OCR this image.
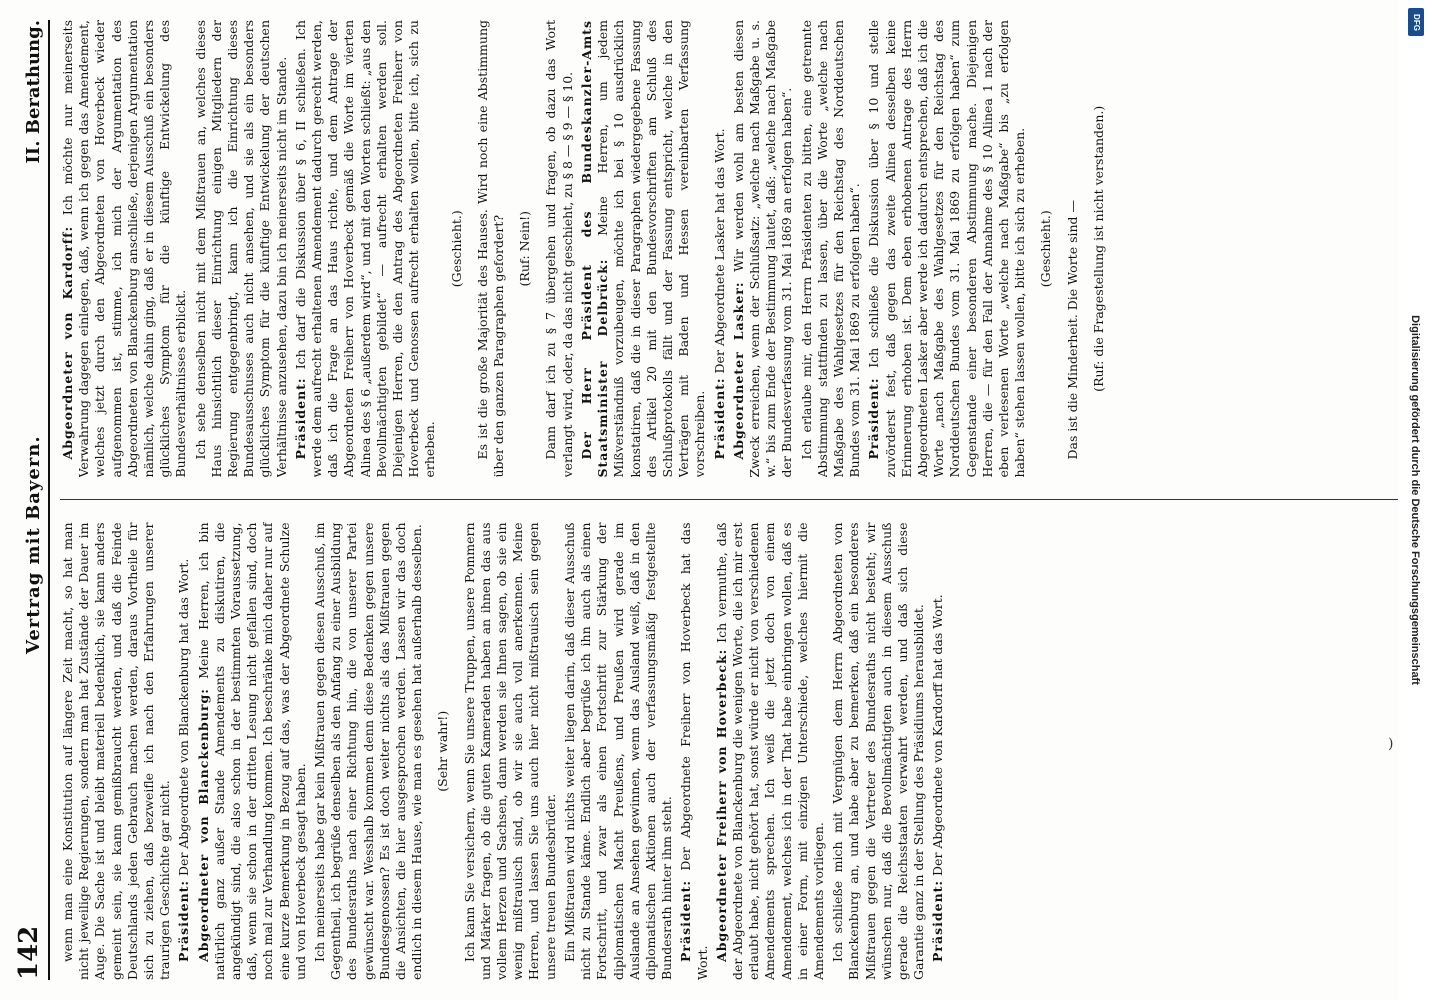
142
Vertrag mit Bayern.
II. Berathung.

wenn man eine Konstitution auf längere Zeit macht, so hat man nicht jeweilige Regierungen, sondern man hat Zustände der Dauer im Auge. Die Sache ist und bleibt materiell bedenklich, sie kann anders gemeint sein, sie kann gemißbraucht werden, und daß die Feinde Deutschlands jeden Gebrauch machen werden, daraus Vortheile für sich zu ziehen, daß bezweifle ich nach den Erfahrungen unserer traurigen Geschichte gar nicht. Präsident: Der Abgeordnete von Blanckenburg hat das Wort. Abgeordneter von Blanckenburg: Meine Herren, ich bin natürlich ganz außer Stande Amendements zu diskutiren, die angekündigt sind, die also schon in der bestimmten Voraussetzung, daß, wenn sie schon in der dritten Lesung nicht gefallen sind, doch noch mal zur Verhandlung kommen. Ich beschränke mich daher nur auf eine kurze Bemerkung in Bezug auf das, was der Abgeordnete Schulze und von Hoverbeck gesagt haben. Ich meinerseits habe gar kein Mißtrauen gegen diesen Ausschuß, im Gegentheil, ich begrüße denselben als den Anfang zu einer Ausbildung des Bundesraths nach einer Richtung hin, die von unserer Partei gewünscht war. Wesshalb kommen denn diese Bedenken gegen unsere Bundesgenossen? Es ist doch weiter nichts als das Mißtrauen gegen die Ansichten, die hier ausgesprochen werden. Lassen wir das doch endlich in diesem Hause, wie man es gesehen hat außerhalb desselben. (Sehr wahr!) Ich kann Sie versichern, wenn Sie unsere Truppen, unsere Pommern und Märker fragen, ob die guten Kameraden haben an ihnen das aus vollem Herzen und Sachsen, dann werden sie Ihnen sagen, ob sie ein wenig mißtrauisch sind, ob wir sie auch voll anerkennen. Meine Herren, und lassen Sie uns auch hier nicht mißtrauisch sein gegen unsere treuen Bundesbrüder. Ein Mißtrauen wird nichts weiter liegen darin, daß dieser Ausschuß nicht zu Stande käme. Endlich aber begrüße ich ihn auch als einen Fortschritt, und zwar als einen Fortschritt zur Stärkung der diplomatischen Macht Preußens, und Preußen wird gerade im Auslande an Ansehen gewinnen, wenn das Ausland weiß, daß in den diplomatischen Aktionen auch der verfassungsmäßig festgestellte Bundesrath hinter ihm steht. Präsident: Der Abgeordnete Freiherr von Hoverbeck hat das Wort.

Abgeordneter Freiherr von Hoverbeck: Ich vermuthe, daß der Abgeordnete von Blanckenburg die wenigen Worte, die ich mir erst erlaubt habe, nicht gehört hat, sonst würde er nicht von verschiedenen Amendements sprechen. Ich weiß die jetzt doch von einem Amendement, welches ich in der That habe einbringen wollen, daß es in einer Form, mit einzigen Unterschiede, welches hiermit die Amendements vorliegen. Ich schließe mich mit Vergnügen dem Herrn Abgeordneten von Blanckenburg an, und habe aber zu bemerken, daß ein besonderes Mißtrauen gegen die Vertreter des Bundesraths nicht besteht; wir wünschen nur, daß die Bevollmächtigten auch in diesem Ausschuß gerade die Reichsstaaten verwahrt werden, und daß sich diese Garantie ganz in der Stellung des Präsidiums herausbildet. Präsident: Der Abgeordnete von Kardorff hat das Wort.

Abgeordneter von Kardorff: Ich möchte nur meinerseits Verwahrung dagegen einlegen, daß, wenn ich gegen das Amendement, welches jetzt durch den Abgeordneten von Hoverbeck wieder aufgenommen ist, stimme, ich mich der Argumentation des Abgeordneten von Blanckenburg anschließe, derjenigen Argumentation nämlich, welche dahin ging, daß er in diesem Ausschuß ein besonders glückliches Symptom für die künftige Entwickelung des Bundesverhältnisses erblickt. Ich sehe denselben nicht mit dem Mißtrauen an, welches dieses Haus hinsichtlich dieser Einrichtung einigen Mitgliedern der Regierung entgegenbringt, kann ich die Einrichtung dieses Bundesausschusses auch nicht ansehen, und sie als ein besonders glückliches Symptom für die künftige Entwickelung der deutschen Verhältnisse anzusehen, dazu bin ich meinerseits nicht im Stande. Präsident: Ich darf die Diskussion über § 6, II schließen. Ich werde dem aufrecht erhaltenen Amendement dadurch gerecht werden, daß ich die Frage an das Haus richte, und dem Antrage der Abgeordneten Freiherr von Hoverbeck gemäß die Worte im vierten Alinea des § 6 „außerdem wird“, und mit den Worten schließt: „aus den Bevollmächtigten gebildet“ — aufrecht erhalten werden soll. Diejenigen Herren, die den Antrag des Abgeordneten Freiherr von Hoverbeck und Genossen aufrecht erhalten wollen, bitte ich, sich zu erheben.

(Geschieht.) Es ist die große Majorität des Hauses. Wird noch eine Abstimmung über den ganzen Paragraphen gefordert? (Ruf: Nein!) Dann darf ich zu § 7 übergehen und fragen, ob dazu das Wort verlangt wird, oder, da das nicht geschieht, zu § 8 — § 9 — § 10. Der Herr Präsident des Bundeskanzler-Amts Staatsminister Delbrück: Meine Herren, um jedem Mißverständniß vorzubeugen, möchte ich bei § 10 ausdrücklich konstatiren, daß die in dieser Paragraphen wiedergegebene Fassung des Artikel 20 mit den Bundesvorschriften am Schluß des Schlußprotokolls fällt und der Fassung entspricht, welche in den Verträgen mit Baden und Hessen vereinbarten Verfassung vorschreiben. Präsident: Der Abgeordnete Lasker hat das Wort. Abgeordneter Lasker: Wir werden wohl am besten diesen Zweck erreichen, wenn der Schlußsatz: „welche nach Maßgabe u. s. w.“ bis zum Ende der Bestimmung lautet, daß: „welche nach Maßgabe der Bundesverfassung vom 31. Mai 1869 an erfolgen haben“. Ich erlaube mir, den Herrn Präsidenten zu bitten, eine getrennte Abstimmung stattfinden zu lassen, über die Worte „welche nach Maßgabe des Wahlgesetzes für den Reichstag des Norddeutschen Bundes vom 31. Mai 1869 zu erfolgen haben“. Präsident: Ich schließe die Diskussion über § 10 und stelle zuvörderst fest, daß gegen das zweite Alinea desselben keine Erinnerung erhoben ist. Dem eben erhobenen Antrage des Herrn Abgeordneten Lasker aber werde ich dadurch entsprechen, daß ich die Worte „nach Maßgabe des Wahlgesetzes für den Reichstag des Norddeutschen Bundes vom 31. Mai 1869 zu erfolgen haben“ zum Gegenstande einer besonderen Abstimmung mache. Diejenigen Herren, die — für den Fall der Annahme des § 10 Alinea 1 nach der eben verlesenen Worte „welche nach Maßgabe“ bis „zu erfolgen haben“ stehen lassen wollen, bitte ich sich zu erheben. (Geschieht.) Das ist die Minderheit. Die Worte sind — (Ruf: die Fragestellung ist nicht verstanden.)

)
Digitalisierung gefördert durch die Deutsche Forschungsgemeinschaft
DFG
